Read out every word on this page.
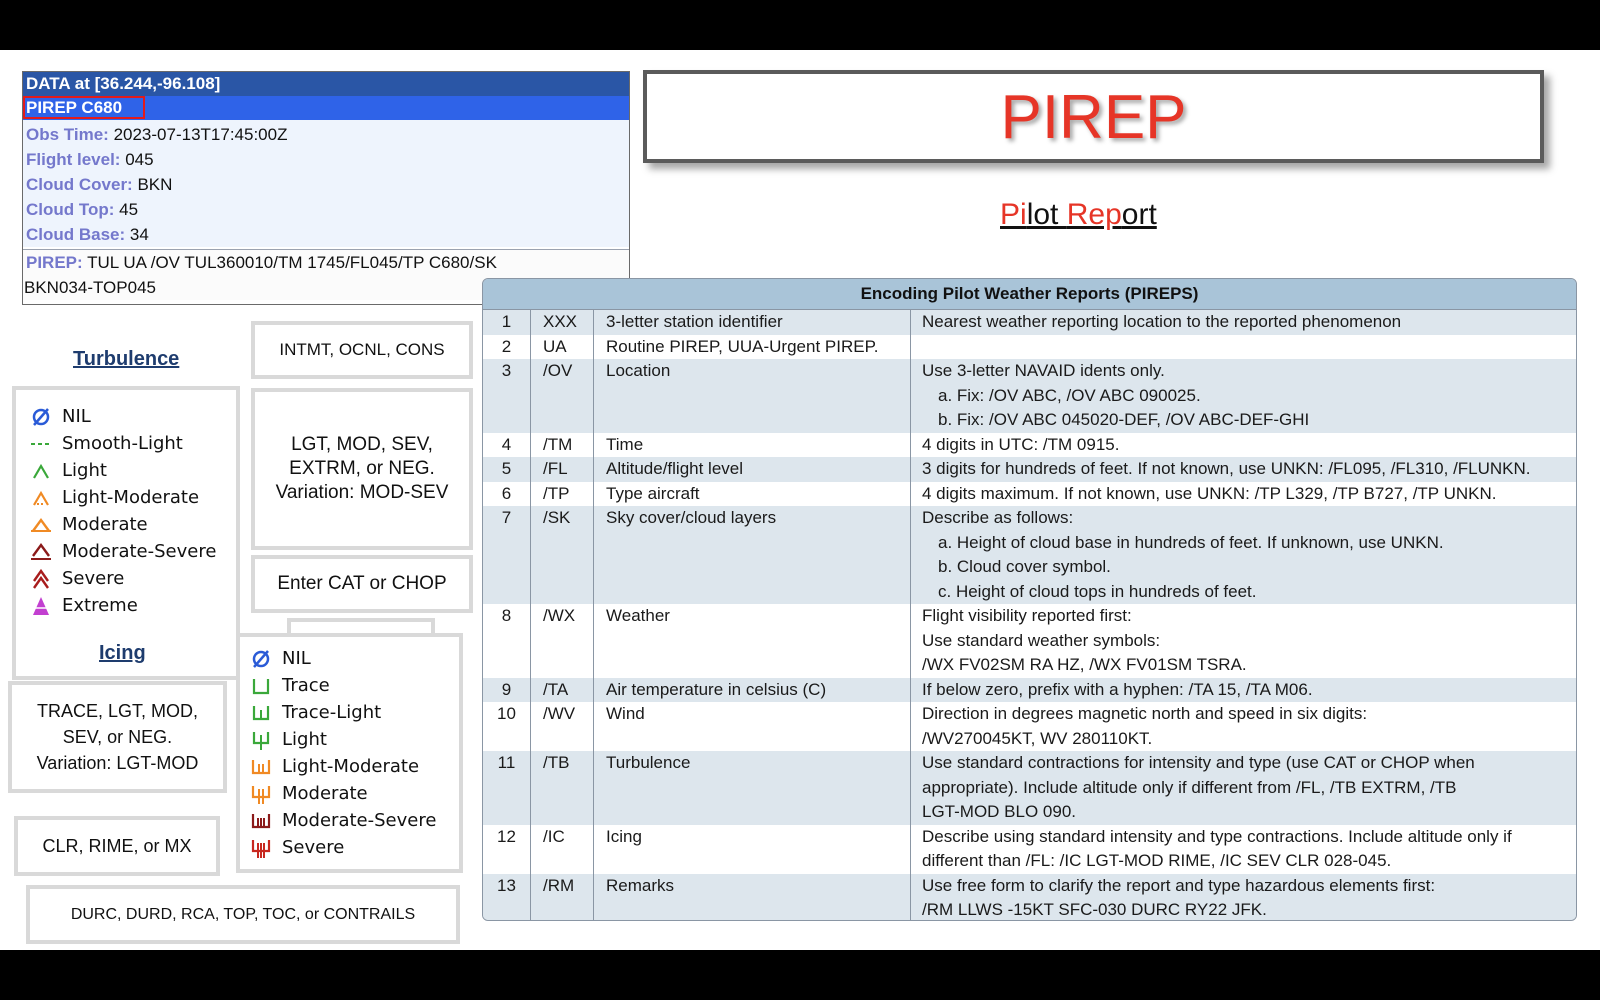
DATA at [36.244,-96.108]
PIREP C680
Obs Time: 2023-07-13T17:45:00Z
Flight level: 045
Cloud Cover: BKN
Cloud Top: 45
Cloud Base: 34
PIREP: TUL UA /OV TUL360010/TM 1745/FL045/TP C680/SK
BKN034-TOP045
PIREP
Pilot Report
Encoding Pilot Weather Reports (PIREPS)
1	XXX	3-letter station identifier	Nearest weather reporting location to the reported phenomenon
2	UA	Routine PIREP, UUA-Urgent PIREP.
3	/OV	Location	Use 3-letter NAVAID idents only.
a. Fix: /OV ABC, /OV ABC 090025.
b. Fix: /OV ABC 045020-DEF, /OV ABC-DEF-GHI
4	/TM	Time	4 digits in UTC: /TM 0915.
5	/FL	Altitude/flight level	3 digits for hundreds of feet. If not known, use UNKN: /FL095, /FL310, /FLUNKN.
6	/TP	Type aircraft	4 digits maximum. If not known, use UNKN: /TP L329, /TP B727, /TP UNKN.
7	/SK	Sky cover/cloud layers	Describe as follows:
a. Height of cloud base in hundreds of feet. If unknown, use UNKN.
b. Cloud cover symbol.
c. Height of cloud tops in hundreds of feet.
8	/WX	Weather	Flight visibility reported first:
Use standard weather symbols:
/WX FV02SM RA HZ, /WX FV01SM TSRA.
9	/TA	Air temperature in celsius (C)	If below zero, prefix with a hyphen: /TA 15, /TA M06.
10	/WV	Wind	Direction in degrees magnetic north and speed in six digits:
/WV270045KT, WV 280110KT.
11	/TB	Turbulence	Use standard contractions for intensity and type (use CAT or CHOP when
appropriate). Include altitude only if different from /FL, /TB EXTRM, /TB
LGT-MOD BLO 090.
12	/IC	Icing	Describe using standard intensity and type contractions. Include altitude only if
different than /FL: /IC LGT-MOD RIME, /IC SEV CLR 028-045.
13	/RM	Remarks	Use free form to clarify the report and type hazardous elements first:
/RM LLWS -15KT SFC-030 DURC RY22 JFK.
Turbulence	INTMT, OCNL, CONS
LGT, MOD, SEV,
EXTRM, or NEG.
Variation: MOD-SEV
Enter CAT or CHOP
NIL
Smooth-Light
Light
Light-Moderate
Moderate
Moderate-Severe
Severe
Extreme
Icing
TRACE, LGT, MOD,
SEV, or NEG.
Variation: LGT-MOD
CLR, RIME, or MX
DURC, DURD, RCA, TOP, TOC, or CONTRAILS
NIL
Trace
Trace-Light
Light
Light-Moderate
Moderate
Moderate-Severe
Severe
